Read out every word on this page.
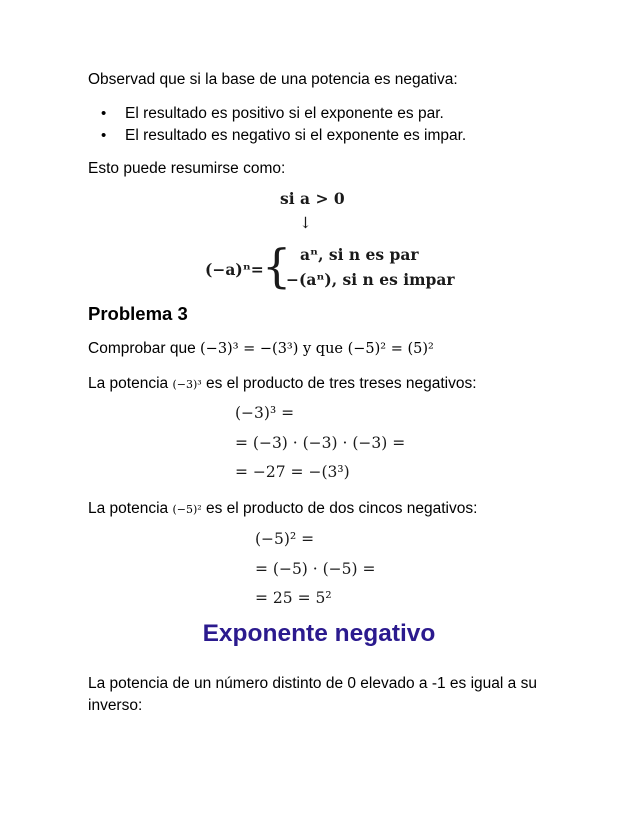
Observad que si la base de una potencia es negativa:
• El resultado es positivo si el exponente es par.
• El resultado es negativo si el exponente es impar.
Esto puede resumirse como:
si a > 0
↓
(−a)ⁿ=
{ aⁿ, si n es par
−(aⁿ), si n es impar
Problema 3
Comprobar que (−3)³ = −(3³) y que (−5)² = (5)²
La potencia (−3)³ es el producto de tres treses negativos:
(−3)³ =
= (−3) · (−3) · (−3) =
= −27 = −(3³)
La potencia (−5)² es el producto de dos cincos negativos:
(−5)² =
= (−5) · (−5) =
= 25 = 5²
Exponente negativo
La potencia de un número distinto de 0 elevado a -1 es igual a su inverso:
